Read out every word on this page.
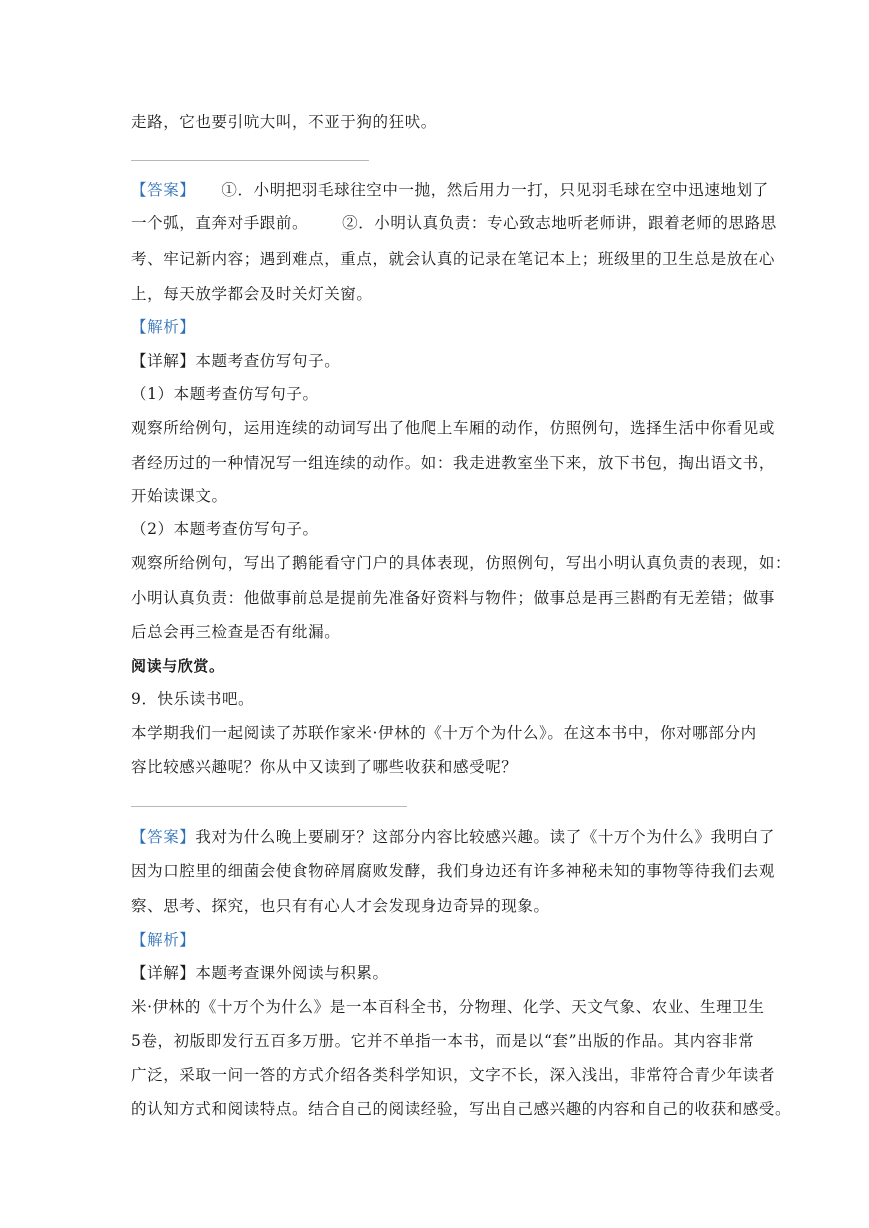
走路，它也要引吭大叫，不亚于狗的狂吠。
【答案】 ①．小明把羽毛球往空中一抛，然后用力一打，只见羽毛球在空中迅速地划了
一个弧，直奔对手跟前。 ②．小明认真负责：专心致志地听老师讲，跟着老师的思路思
考、牢记新内容；遇到难点，重点，就会认真的记录在笔记本上；班级里的卫生总是放在心
上，每天放学都会及时关灯关窗。
【解析】
【详解】本题考查仿写句子。
（1）本题考查仿写句子。
观察所给例句，运用连续的动词写出了他爬上车厢的动作，仿照例句，选择生活中你看见或
者经历过的一种情况写一组连续的动作。如：我走进教室坐下来，放下书包，掏出语文书，
开始读课文。
（2）本题考查仿写句子。
观察所给例句，写出了鹅能看守门户的具体表现，仿照例句，写出小明认真负责的表现，如：
小明认真负责：他做事前总是提前先准备好资料与物件；做事总是再三斟酌有无差错；做事
后总会再三检查是否有纰漏。
阅读与欣赏。
9．快乐读书吧。
本学期我们一起阅读了苏联作家米·伊林的《十万个为什么》。在这本书中，你对哪部分内
容比较感兴趣呢？你从中又读到了哪些收获和感受呢？
【答案】我对为什么晚上要刷牙？这部分内容比较感兴趣。读了《十万个为什么》我明白了
因为口腔里的细菌会使食物碎屑腐败发酵，我们身边还有许多神秘未知的事物等待我们去观
察、思考、探究，也只有有心人才会发现身边奇异的现象。
【解析】
【详解】本题考查课外阅读与积累。
米·伊林的《十万个为什么》是一本百科全书，分物理、化学、天文气象、农业、生理卫生
5卷，初版即发行五百多万册。它并不单指一本书，而是以“套”出版的作品。其内容非常
广泛，采取一问一答的方式介绍各类科学知识，文字不长，深入浅出，非常符合青少年读者
的认知方式和阅读特点。结合自己的阅读经验，写出自己感兴趣的内容和自己的收获和感受。
